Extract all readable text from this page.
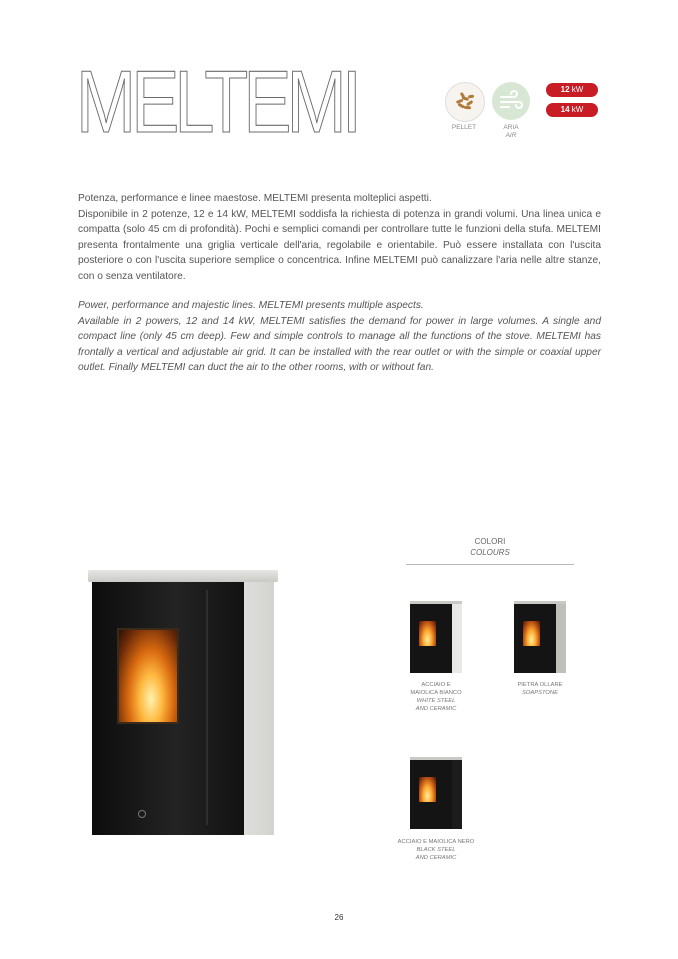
MELTEMI	PELLET	ARIA
AIR
12 kW
14 kW

Potenza, performance e linee maestose. MELTEMI presenta molteplici aspetti.

Disponibile in 2 potenze, 12 e 14 kW, MELTEMI soddisfa la richiesta di potenza in grandi volumi. Una linea unica e compatta (solo 45 cm di profondità). Pochi e semplici comandi per controllare tutte le funzioni della stufa. MELTEMI presenta frontalmente una griglia verticale dell'aria, regolabile e orientabile. Può essere installata con l'uscita posteriore o con l'uscita superiore semplice o concentrica. Infine MELTEMI può canalizzare l'aria nelle altre stanze, con o senza ventilatore.

Power, performance and majestic lines. MELTEMI presents multiple aspects.

Available in 2 powers, 12 and 14 kW, MELTEMI satisfies the demand for power in large volumes. A single and compact line (only 45 cm deep). Few and simple controls to manage all the functions of the stove. MELTEMI has frontally a vertical and adjustable air grid. It can be installed with the rear outlet or with the simple or coaxial upper outlet. Finally MELTEMI can duct the air to the other rooms, with or without fan.

COLORI
COLOURS
ACCIAIO E
MAIOLICA BIANCO
WHITE STEEL
AND CERAMIC
PIETRA OLLARE
SOAPSTONE
ACCIAIO E MAIOLICA NERO
BLACK STEEL
AND CERAMIC
26
